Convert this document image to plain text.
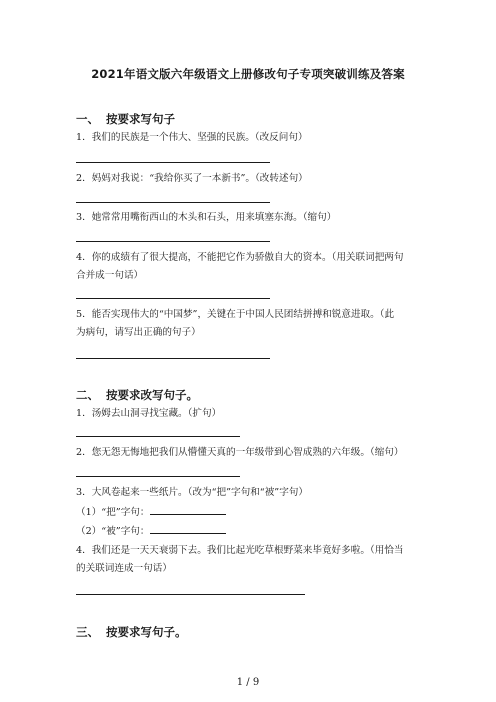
2021年语文版六年级语文上册修改句子专项突破训练及答案
一、 按要求写句子
1．我们的民族是一个伟大、坚强的民族。（改反问句）
2．妈妈对我说：“我给你买了一本新书”。（改转述句）
3．她常常用嘴衔西山的木头和石头，用来填塞东海。（缩句）
4．你的成绩有了很大提高，不能把它作为骄傲自大的资本。（用关联词把两句
合并成一句话）
5．能否实现伟大的“中国梦”，关键在于中国人民团结拼搏和锐意进取。（此
为病句，请写出正确的句子）
二、 按要求改写句子。
1．汤姆去山洞寻找宝藏。（扩句）
2．您无怨无悔地把我们从懵懂天真的一年级带到心智成熟的六年级。（缩句）
3．大风卷起来一些纸片。（改为“把”字句和“被”字句）
（1）“把”字句：
（2）“被”字句：
4．我们还是一天天衰弱下去。我们比起光吃草根野菜来毕竟好多啦。（用恰当
的关联词连成一句话）
三、 按要求写句子。
1 / 9
